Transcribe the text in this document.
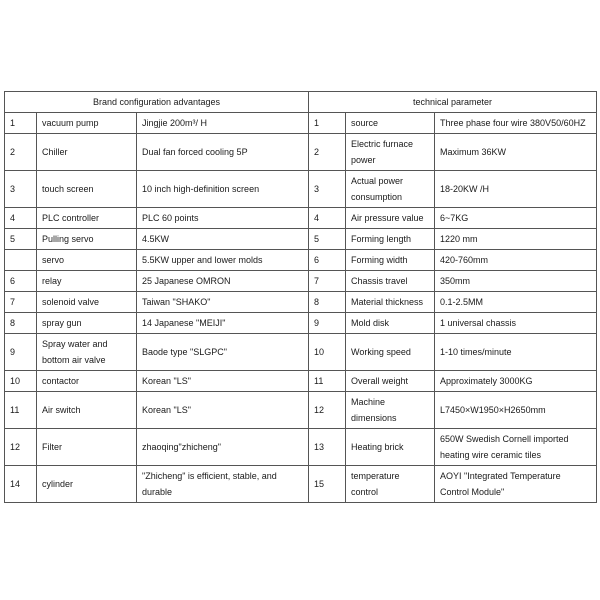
Brand configuration advantages			technical parameter		
1	vacuum pump	Jingjie 200m³/ H	1	source	Three phase four wire 380V50/60HZ
2	Chiller	Dual fan forced cooling 5P	2	Electric furnace power	Maximum 36KW
3	touch screen	10 inch high-definition screen	3	Actual power consumption	18-20KW /H
4	PLC controller	PLC 60 points	4	Air pressure value	6~7KG
5	Pulling servo	4.5KW	5	Forming length	1220 mm
	servo	5.5KW upper and lower molds	6	Forming width	420-760mm
6	relay	25 Japanese OMRON	7	Chassis travel	350mm
7	solenoid valve	Taiwan "SHAKO"	8	Material thickness	0.1-2.5MM
8	spray gun	14 Japanese "MEIJI"	9	Mold disk	1 universal chassis
9	Spray water and bottom air valve	Baode type "SLGPC"	10	Working speed	1-10 times/minute
10	contactor	Korean "LS"	11	Overall weight	Approximately 3000KG
11	Air switch	Korean "LS"	12	Machine dimensions	L7450×W1950×H2650mm
12	Filter	zhaoqing"zhicheng"	13	Heating brick	650W Swedish Cornell imported heating wire ceramic tiles
14	cylinder	"Zhicheng" is efficient, stable, and durable	15	temperature control	AOYI "Integrated Temperature Control Module"
